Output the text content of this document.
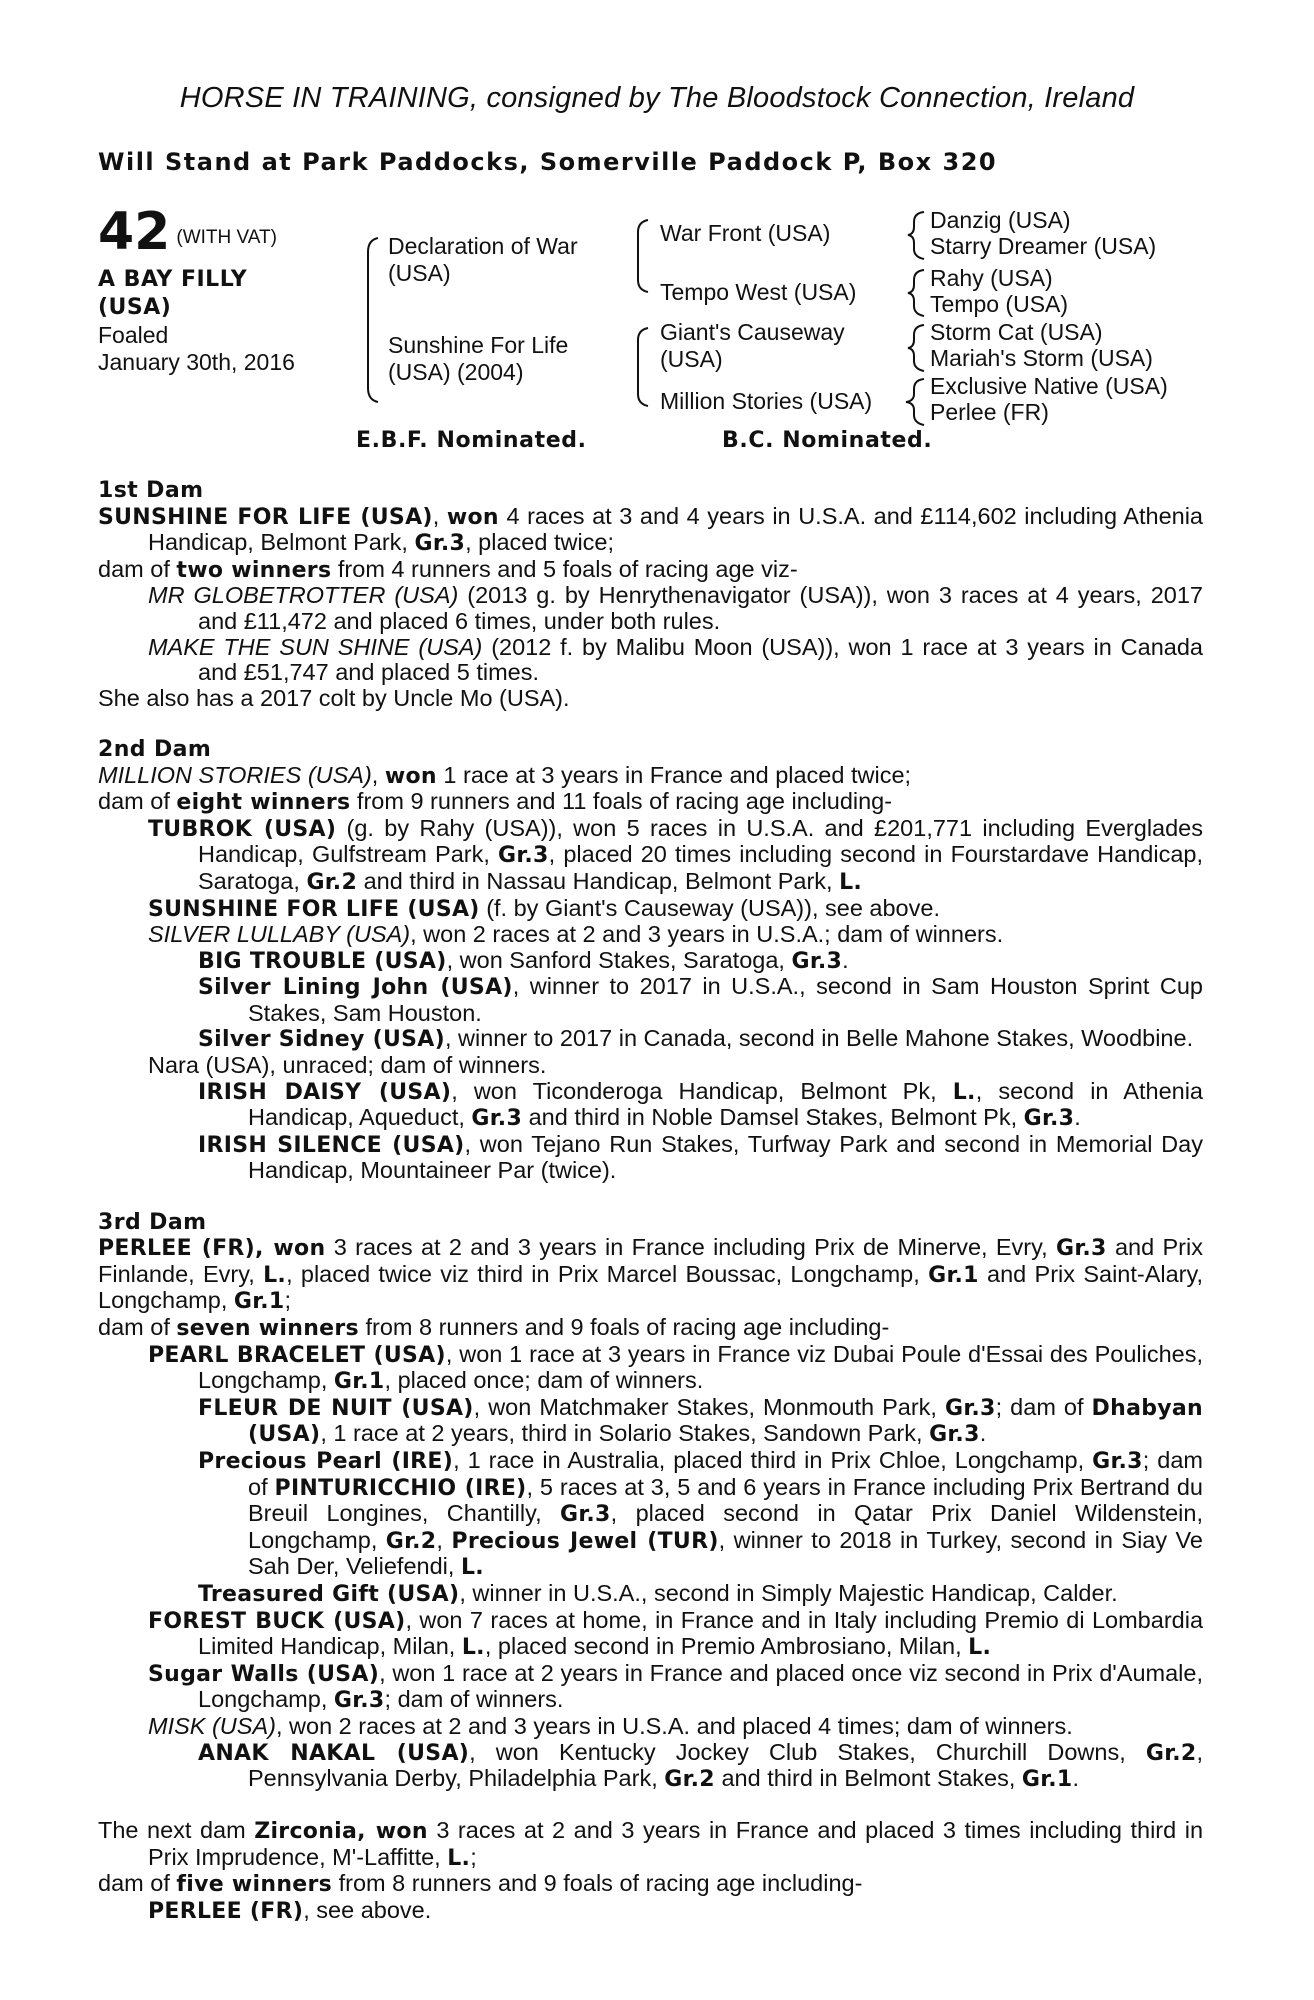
HORSE IN TRAINING, consigned by The Bloodstock Connection, Ireland
Will Stand at Park Paddocks, Somerville Paddock P, Box 320
42 (WITH VAT)
A BAY FILLY
(USA)
Foaled
January 30th, 2016
Declaration of War (USA)
Sunshine For Life (USA) (2004)
War Front (USA)
Tempo West (USA)
Giant's Causeway (USA)
Million Stories (USA)
Danzig (USA)
Starry Dreamer (USA)
Rahy (USA)
Tempo (USA)
Storm Cat (USA)
Mariah's Storm (USA)
Exclusive Native (USA)
Perlee (FR)
E.B.F. Nominated.	B.C. Nominated.

1st Dam

SUNSHINE FOR LIFE (USA), won 4 races at 3 and 4 years in U.S.A. and £114,602 including Athenia Handicap, Belmont Park, Gr.3, placed twice;

dam of two winners from 4 runners and 5 foals of racing age viz-

MR GLOBETROTTER (USA) (2013 g. by Henrythenavigator (USA)), won 3 races at 4 years, 2017 and £11,472 and placed 6 times, under both rules.

MAKE THE SUN SHINE (USA) (2012 f. by Malibu Moon (USA)), won 1 race at 3 years in Canada and £51,747 and placed 5 times.

She also has a 2017 colt by Uncle Mo (USA).

2nd Dam

MILLION STORIES (USA), won 1 race at 3 years in France and placed twice;

dam of eight winners from 9 runners and 11 foals of racing age including-

TUBROK (USA) (g. by Rahy (USA)), won 5 races in U.S.A. and £201,771 including Everglades Handicap, Gulfstream Park, Gr.3, placed 20 times including second in Fourstardave Handicap, Saratoga, Gr.2 and third in Nassau Handicap, Belmont Park, L.

SUNSHINE FOR LIFE (USA) (f. by Giant's Causeway (USA)), see above.

SILVER LULLABY (USA), won 2 races at 2 and 3 years in U.S.A.; dam of winners.

BIG TROUBLE (USA), won Sanford Stakes, Saratoga, Gr.3.

Silver Lining John (USA), winner to 2017 in U.S.A., second in Sam Houston Sprint Cup Stakes, Sam Houston.

Silver Sidney (USA), winner to 2017 in Canada, second in Belle Mahone Stakes, Woodbine.

Nara (USA), unraced; dam of winners.

IRISH DAISY (USA), won Ticonderoga Handicap, Belmont Pk, L., second in Athenia Handicap, Aqueduct, Gr.3 and third in Noble Damsel Stakes, Belmont Pk, Gr.3.

IRISH SILENCE (USA), won Tejano Run Stakes, Turfway Park and second in Memorial Day Handicap, Mountaineer Par (twice).

3rd Dam

PERLEE (FR), won 3 races at 2 and 3 years in France including Prix de Minerve, Evry, Gr.3 and Prix Finlande, Evry, L., placed twice viz third in Prix Marcel Boussac, Longchamp, Gr.1 and Prix Saint-Alary, Longchamp, Gr.1;

dam of seven winners from 8 runners and 9 foals of racing age including-

PEARL BRACELET (USA), won 1 race at 3 years in France viz Dubai Poule d'Essai des Pouliches, Longchamp, Gr.1, placed once; dam of winners.

FLEUR DE NUIT (USA), won Matchmaker Stakes, Monmouth Park, Gr.3; dam of Dhabyan (USA), 1 race at 2 years, third in Solario Stakes, Sandown Park, Gr.3.

Precious Pearl (IRE), 1 race in Australia, placed third in Prix Chloe, Longchamp, Gr.3; dam of PINTURICCHIO (IRE), 5 races at 3, 5 and 6 years in France including Prix Bertrand du Breuil Longines, Chantilly, Gr.3, placed second in Qatar Prix Daniel Wildenstein, Longchamp, Gr.2, Precious Jewel (TUR), winner to 2018 in Turkey, second in Siay Ve Sah Der, Veliefendi, L.

Treasured Gift (USA), winner in U.S.A., second in Simply Majestic Handicap, Calder.

FOREST BUCK (USA), won 7 races at home, in France and in Italy including Premio di Lombardia Limited Handicap, Milan, L., placed second in Premio Ambrosiano, Milan, L.

Sugar Walls (USA), won 1 race at 2 years in France and placed once viz second in Prix d'Aumale, Longchamp, Gr.3; dam of winners.

MISK (USA), won 2 races at 2 and 3 years in U.S.A. and placed 4 times; dam of winners.

ANAK NAKAL (USA), won Kentucky Jockey Club Stakes, Churchill Downs, Gr.2, Pennsylvania Derby, Philadelphia Park, Gr.2 and third in Belmont Stakes, Gr.1.

The next dam Zirconia, won 3 races at 2 and 3 years in France and placed 3 times including third in Prix Imprudence, M'-Laffitte, L.;

dam of five winners from 8 runners and 9 foals of racing age including-

PERLEE (FR), see above.
